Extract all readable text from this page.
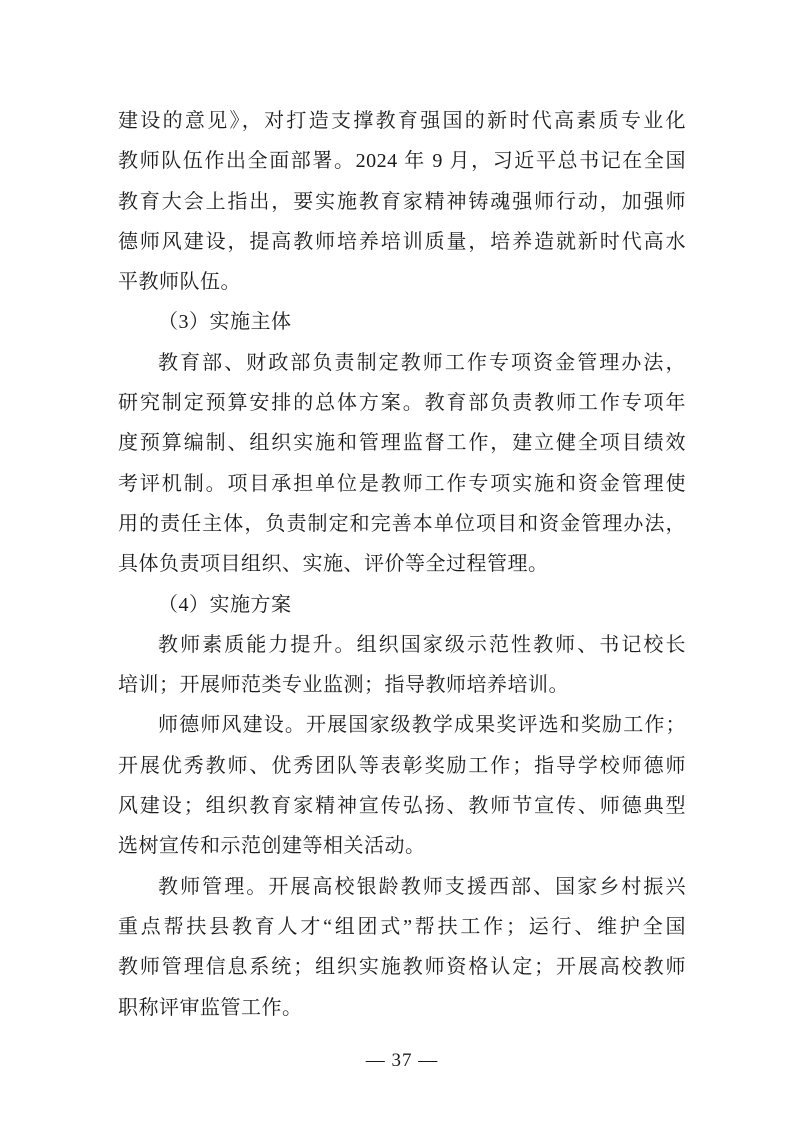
建设的意见》，对打造支撑教育强国的新时代高素质专业化

教师队伍作出全面部署。2024 年 9 月，习近平总书记在全国

教育大会上指出，要实施教育家精神铸魂强师行动，加强师

德师风建设，提高教师培养培训质量，培养造就新时代高水

平教师队伍。

（3）实施主体

教育部、财政部负责制定教师工作专项资金管理办法，

研究制定预算安排的总体方案。教育部负责教师工作专项年

度预算编制、组织实施和管理监督工作，建立健全项目绩效

考评机制。项目承担单位是教师工作专项实施和资金管理使

用的责任主体，负责制定和完善本单位项目和资金管理办法，

具体负责项目组织、实施、评价等全过程管理。

（4）实施方案

教师素质能力提升。组织国家级示范性教师、书记校长

培训；开展师范类专业监测；指导教师培养培训。

师德师风建设。开展国家级教学成果奖评选和奖励工作；

开展优秀教师、优秀团队等表彰奖励工作；指导学校师德师

风建设；组织教育家精神宣传弘扬、教师节宣传、师德典型

选树宣传和示范创建等相关活动。

教师管理。开展高校银龄教师支援西部、国家乡村振兴

重点帮扶县教育人才“组团式”帮扶工作；运行、维护全国

教师管理信息系统；组织实施教师资格认定；开展高校教师

职称评审监管工作。

— 37 —
